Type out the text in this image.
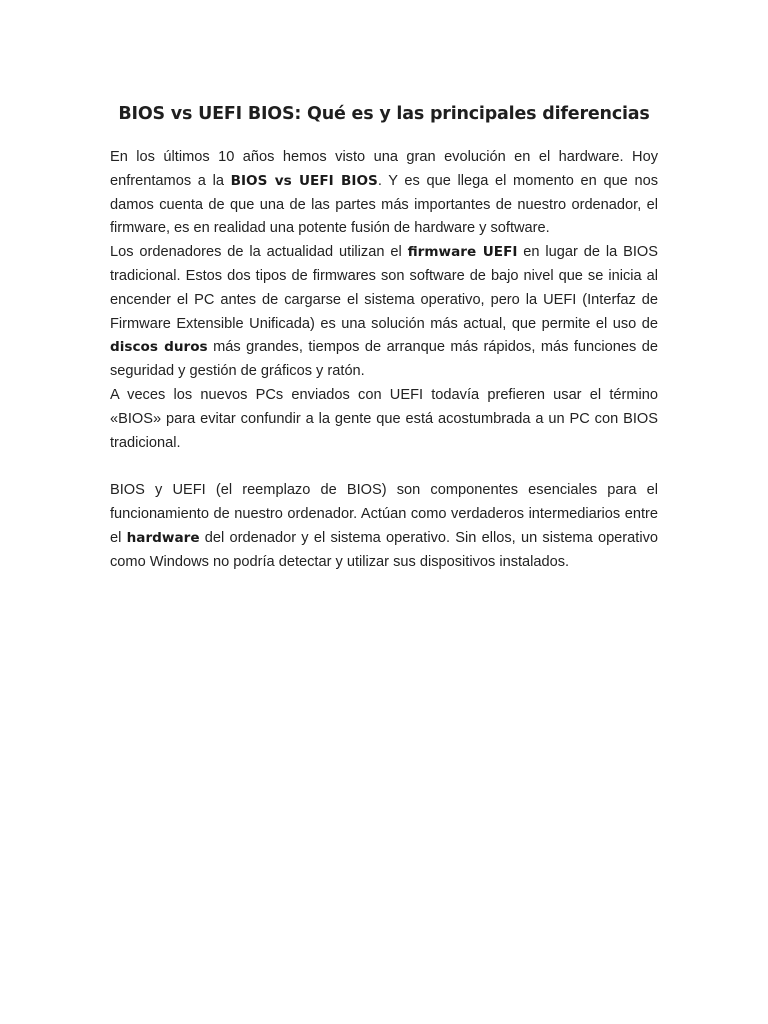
BIOS vs UEFI BIOS: Qué es y las principales diferencias

En los últimos 10 años hemos visto una gran evolución en el hardware. Hoy enfrentamos a la BIOS vs UEFI BIOS. Y es que llega el momento en que nos damos cuenta de que una de las partes más importantes de nuestro ordenador, el firmware, es en realidad una potente fusión de hardware y software.

Los ordenadores de la actualidad utilizan el firmware UEFI en lugar de la BIOS tradicional. Estos dos tipos de firmwares son software de bajo nivel que se inicia al encender el PC antes de cargarse el sistema operativo, pero la UEFI (Interfaz de Firmware Extensible Unificada) es una solución más actual, que permite el uso de discos duros más grandes, tiempos de arranque más rápidos, más funciones de seguridad y gestión de gráficos y ratón.

A veces los nuevos PCs enviados con UEFI todavía prefieren usar el término «BIOS» para evitar confundir a la gente que está acostumbrada a un PC con BIOS tradicional.

BIOS y UEFI (el reemplazo de BIOS) son componentes esenciales para el funcionamiento de nuestro ordenador. Actúan como verdaderos intermediarios entre el hardware del ordenador y el sistema operativo. Sin ellos, un sistema operativo como Windows no podría detectar y utilizar sus dispositivos instalados.
